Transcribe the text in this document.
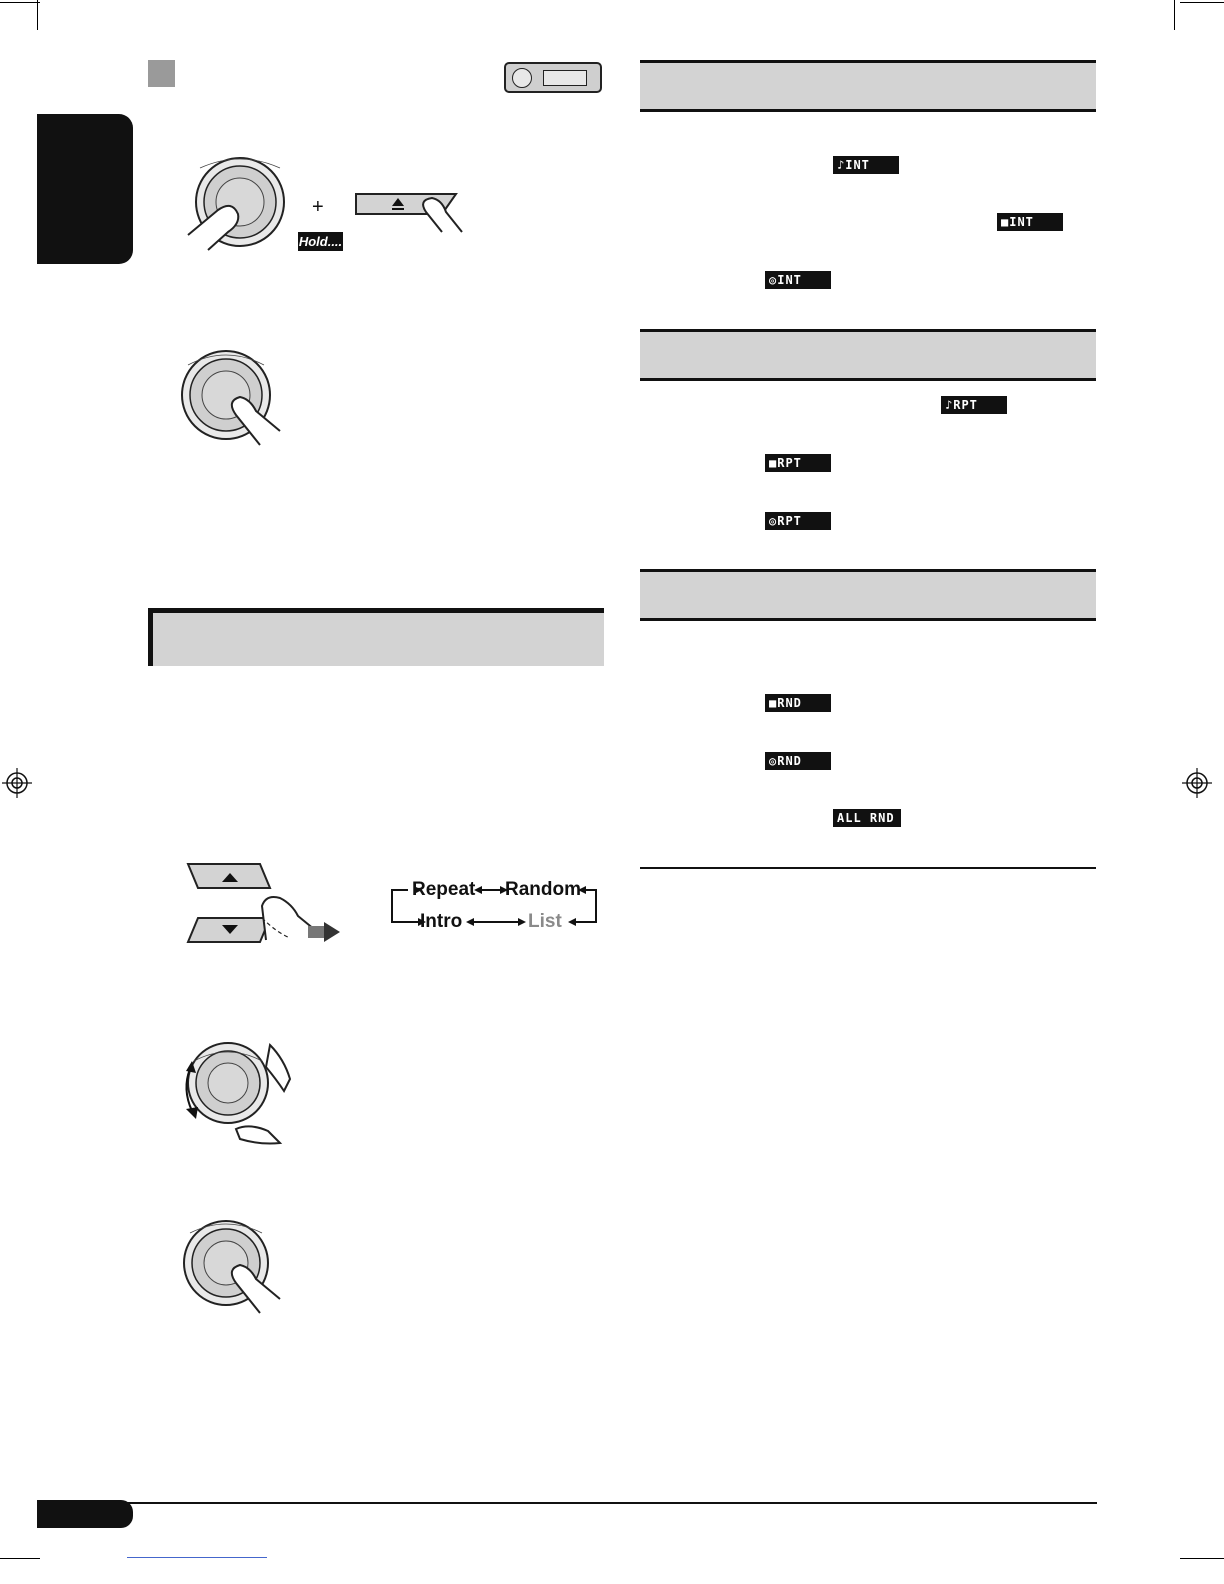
+
Hold....
Repeat Random
Intro	List
♪INT
■INT
◎INT
♪RPT
■RPT
◎RPT
■RND
◎RND
ALL RND
